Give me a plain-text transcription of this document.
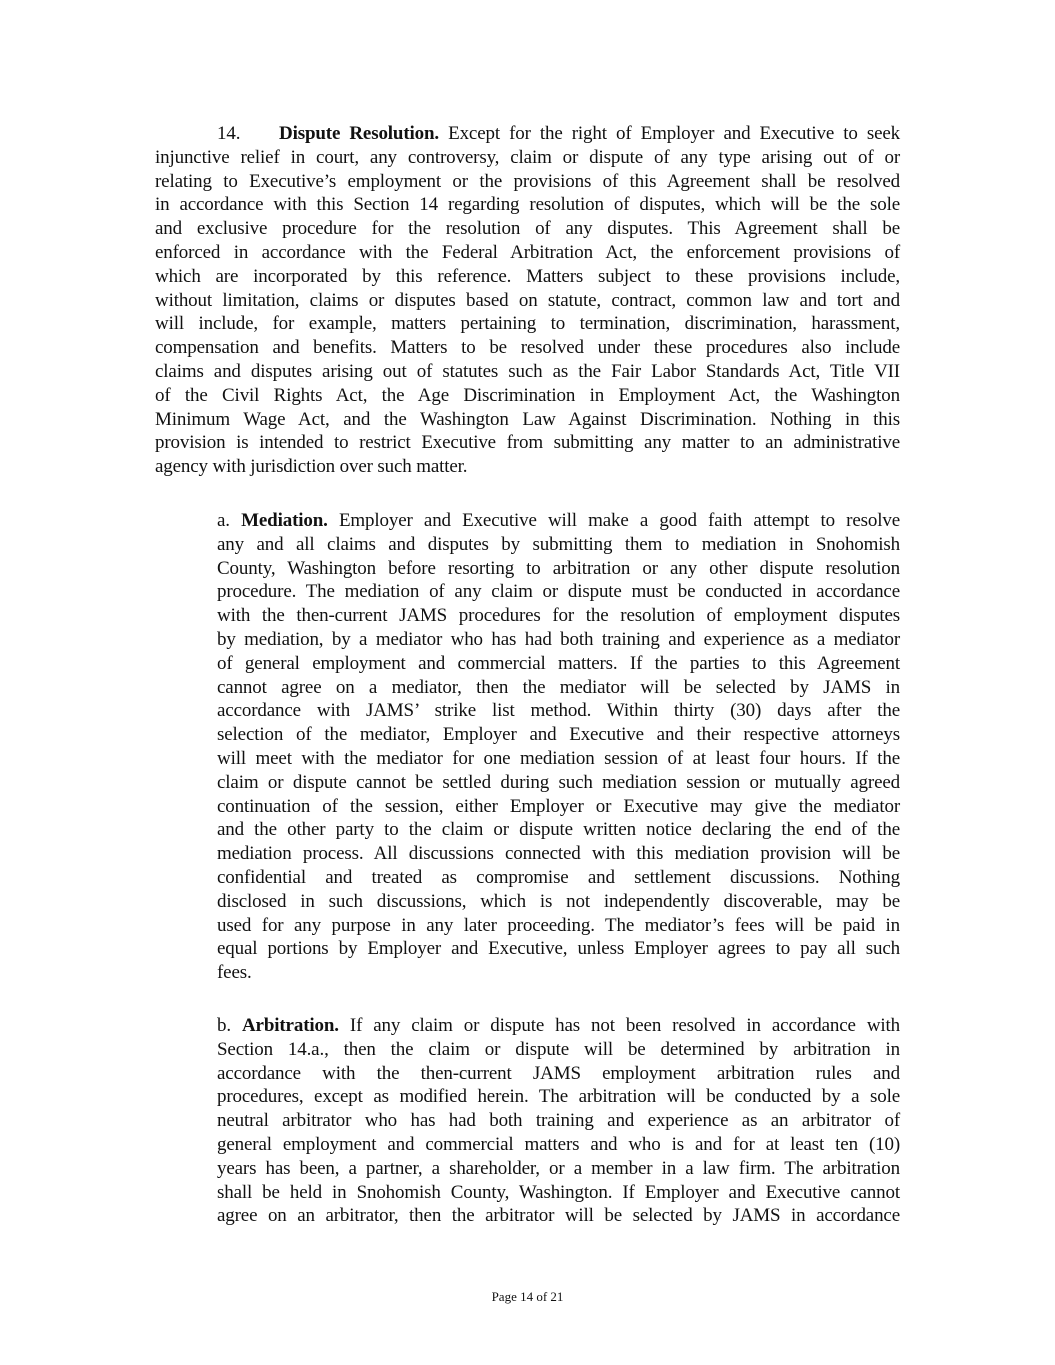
14. Dispute Resolution. Except for the right of Employer and Executive to seek
injunctive relief in court, any controversy, claim or dispute of any type arising out of or
relating to Executive’s employment or the provisions of this Agreement shall be resolved
in accordance with this Section 14 regarding resolution of disputes, which will be the sole
and exclusive procedure for the resolution of any disputes. This Agreement shall be
enforced in accordance with the Federal Arbitration Act, the enforcement provisions of
which are incorporated by this reference. Matters subject to these provisions include,
without limitation, claims or disputes based on statute, contract, common law and tort and
will include, for example, matters pertaining to termination, discrimination, harassment,
compensation and benefits. Matters to be resolved under these procedures also include
claims and disputes arising out of statutes such as the Fair Labor Standards Act, Title VII
of the Civil Rights Act, the Age Discrimination in Employment Act, the Washington
Minimum Wage Act, and the Washington Law Against Discrimination. Nothing in this
provision is intended to restrict Executive from submitting any matter to an administrative
agency with jurisdiction over such matter.
a. Mediation. Employer and Executive will make a good faith attempt to resolve
any and all claims and disputes by submitting them to mediation in Snohomish
County, Washington before resorting to arbitration or any other dispute resolution
procedure. The mediation of any claim or dispute must be conducted in accordance
with the then-current JAMS procedures for the resolution of employment disputes
by mediation, by a mediator who has had both training and experience as a mediator
of general employment and commercial matters. If the parties to this Agreement
cannot agree on a mediator, then the mediator will be selected by JAMS in
accordance with JAMS’ strike list method. Within thirty (30) days after the
selection of the mediator, Employer and Executive and their respective attorneys
will meet with the mediator for one mediation session of at least four hours. If the
claim or dispute cannot be settled during such mediation session or mutually agreed
continuation of the session, either Employer or Executive may give the mediator
and the other party to the claim or dispute written notice declaring the end of the
mediation process. All discussions connected with this mediation provision will be
confidential and treated as compromise and settlement discussions. Nothing
disclosed in such discussions, which is not independently discoverable, may be
used for any purpose in any later proceeding. The mediator’s fees will be paid in
equal portions by Employer and Executive, unless Employer agrees to pay all such
fees.
b. Arbitration. If any claim or dispute has not been resolved in accordance with
Section 14.a., then the claim or dispute will be determined by arbitration in
accordance with the then-current JAMS employment arbitration rules and
procedures, except as modified herein. The arbitration will be conducted by a sole
neutral arbitrator who has had both training and experience as an arbitrator of
general employment and commercial matters and who is and for at least ten (10)
years has been, a partner, a shareholder, or a member in a law firm. The arbitration
shall be held in Snohomish County, Washington. If Employer and Executive cannot
agree on an arbitrator, then the arbitrator will be selected by JAMS in accordance
Page 14 of 21
